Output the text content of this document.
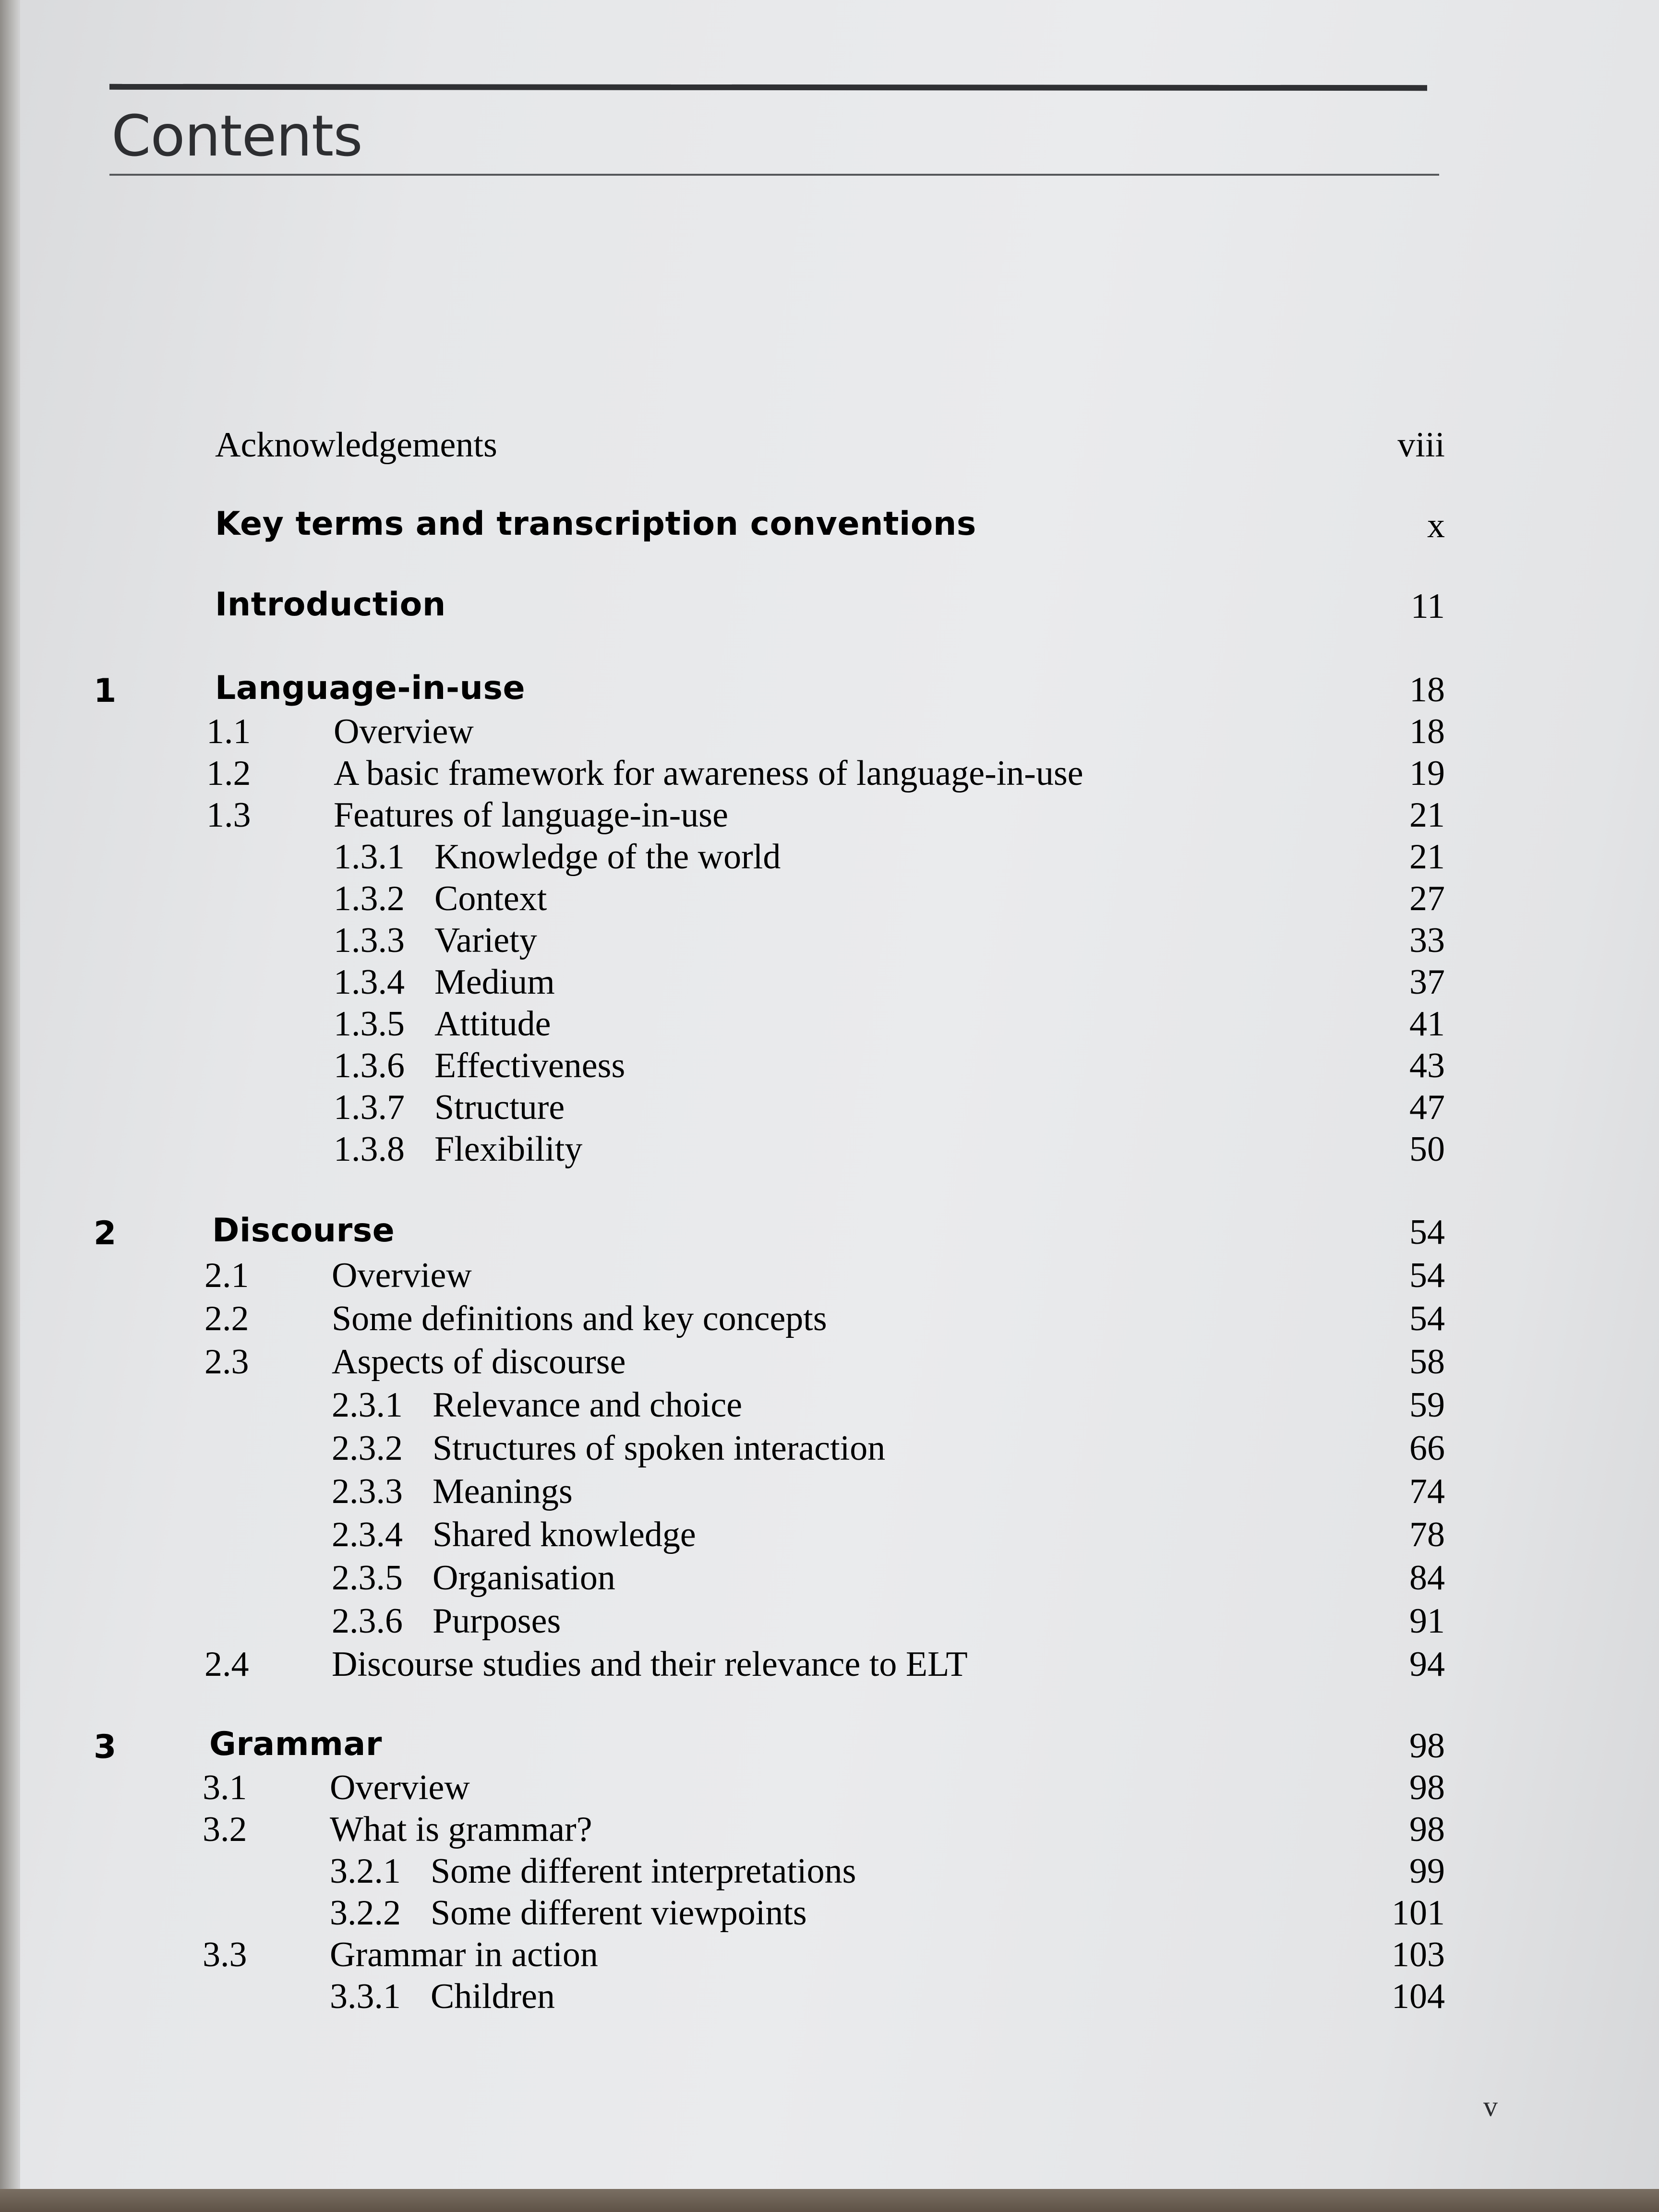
Contents
Acknowledgements	viii
Key terms and transcription conventions	x
Introduction	11
1	Language-in-use	18
1.1 Overview	18
1.2 A basic framework for awareness of language-in-use	19
1.3 Features of language-in-use	21
1.3.1 Knowledge of the world	21
1.3.2 Context	27
1.3.3 Variety	33
1.3.4 Medium	37
1.3.5 Attitude	41
1.3.6 Effectiveness	43
1.3.7 Structure	47
1.3.8 Flexibility	50
2	Discourse	54
2.1 Overview	54
2.2 Some definitions and key concepts	54
2.3 Aspects of discourse	58
2.3.1 Relevance and choice	59
2.3.2 Structures of spoken interaction	66
2.3.3 Meanings	74
2.3.4 Shared knowledge	78
2.3.5 Organisation	84
2.3.6 Purposes	91
2.4 Discourse studies and their relevance to ELT	94
3	Grammar	98
3.1 Overview	98
3.2 What is grammar?	98
3.2.1 Some different interpretations	99
3.2.2 Some different viewpoints	101
3.3 Grammar in action	103
3.3.1 Children	104
v
